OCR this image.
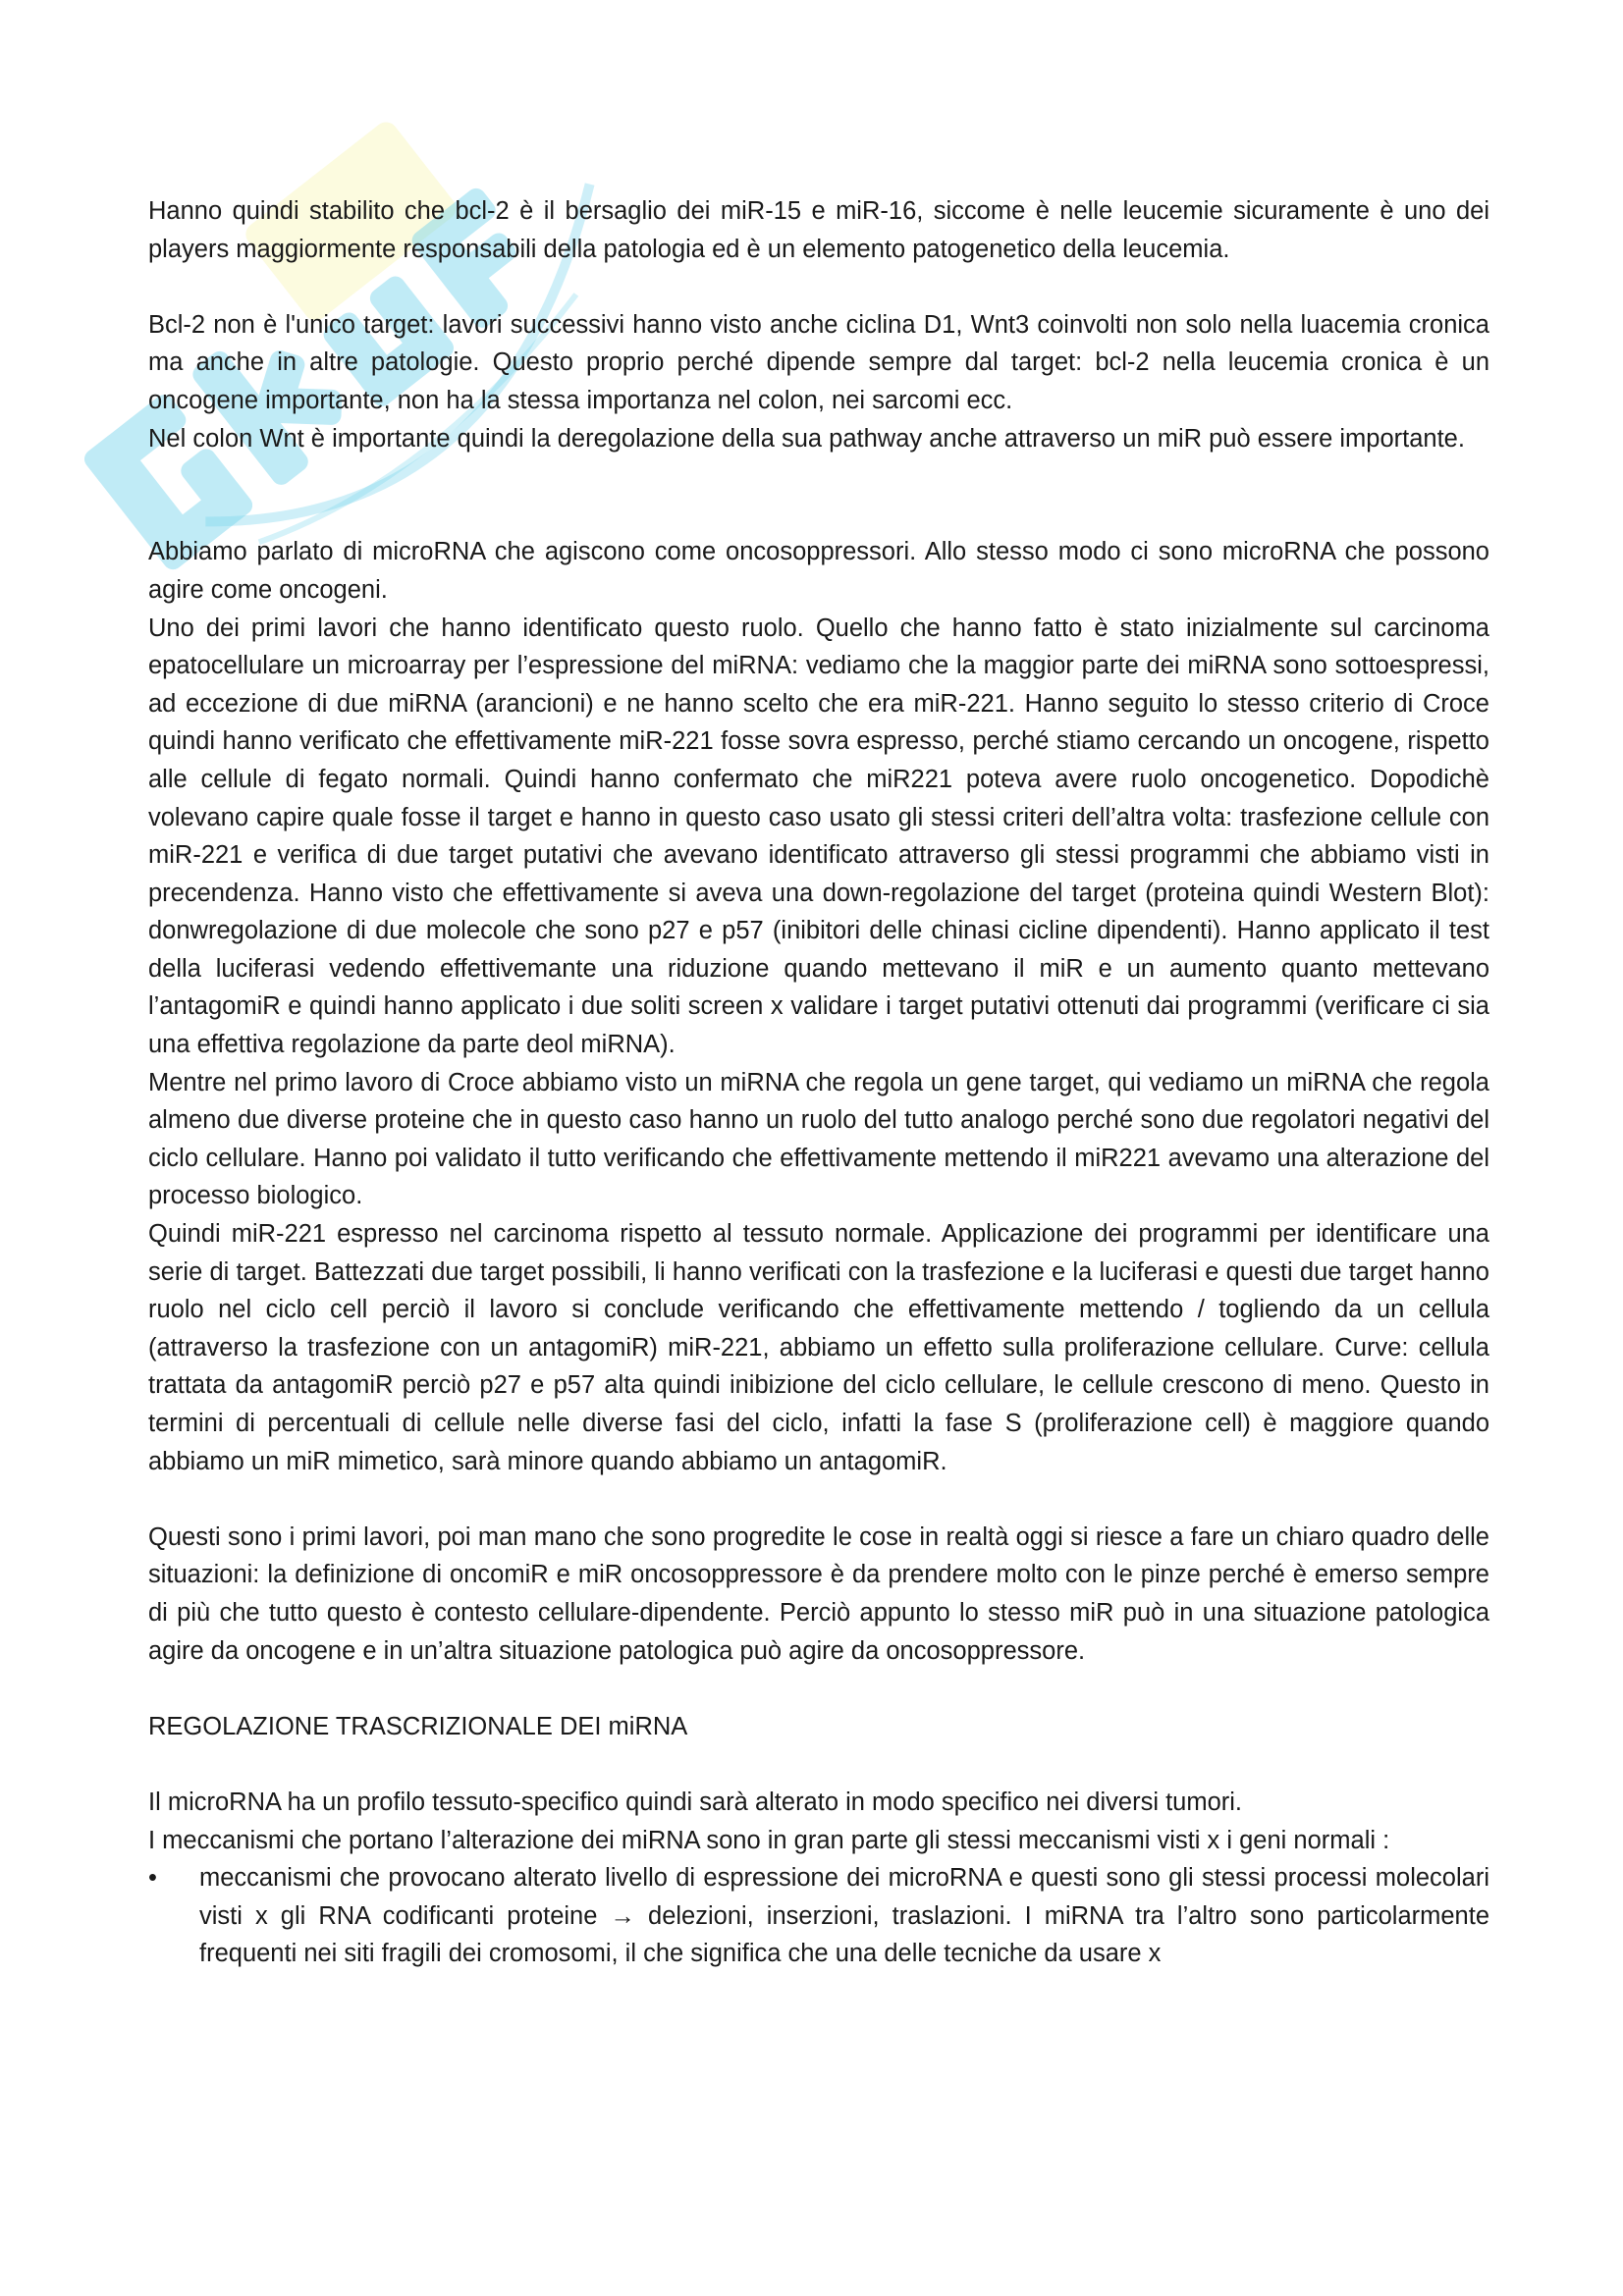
Hanno quindi stabilito che bcl-2 è il bersaglio dei miR-15 e miR-16, siccome è nelle leucemie sicuramente è uno dei players maggiormente responsabili della patologia ed è un elemento patogenetico della leucemia.

Bcl-2 non è l'unico target: lavori successivi hanno visto anche ciclina D1, Wnt3 coinvolti non solo nella luacemia cronica ma anche in altre patologie. Questo proprio perché dipende sempre dal target: bcl-2 nella leucemia cronica è un oncogene importante, non ha la stessa importanza nel colon, nei sarcomi ecc.

Nel colon Wnt è importante quindi la deregolazione della sua pathway anche attraverso un miR può essere importante.

Abbiamo parlato di microRNA che agiscono come oncosoppressori. Allo stesso modo ci sono microRNA che possono agire come oncogeni.

Uno dei primi lavori che hanno identificato questo ruolo. Quello che hanno fatto è stato inizialmente sul carcinoma epatocellulare un microarray per l’espressione del miRNA: vediamo che la maggior parte dei miRNA sono sottoespressi, ad eccezione di due miRNA (arancioni) e ne hanno scelto che era miR-221. Hanno seguito lo stesso criterio di Croce quindi hanno verificato che effettivamente miR-221 fosse sovra espresso, perché stiamo cercando un oncogene, rispetto alle cellule di fegato normali. Quindi hanno confermato che miR221 poteva avere ruolo oncogenetico. Dopodichè volevano capire quale fosse il target e hanno in questo caso usato gli stessi criteri dell’altra volta: trasfezione cellule con miR-221 e verifica di due target putativi che avevano identificato attraverso gli stessi programmi che abbiamo visti in precendenza. Hanno visto che effettivamente si aveva una down-regolazione del target (proteina quindi Western Blot): donwregolazione di due molecole che sono p27 e p57 (inibitori delle chinasi cicline dipendenti). Hanno applicato il test della luciferasi vedendo effettivemante una riduzione quando mettevano il miR e un aumento quanto mettevano l’antagomiR e quindi hanno applicato i due soliti screen x validare i target putativi ottenuti dai programmi (verificare ci sia una effettiva regolazione da parte deol miRNA).

Mentre nel primo lavoro di Croce abbiamo visto un miRNA che regola un gene target, qui vediamo un miRNA che regola almeno due diverse proteine che in questo caso hanno un ruolo del tutto analogo perché sono due regolatori negativi del ciclo cellulare. Hanno poi validato il tutto verificando che effettivamente mettendo il miR221 avevamo una alterazione del processo biologico.

Quindi miR-221 espresso nel carcinoma rispetto al tessuto normale. Applicazione dei programmi per identificare una serie di target. Battezzati due target possibili, li hanno verificati con la trasfezione e la luciferasi e questi due target hanno ruolo nel ciclo cell perciò il lavoro si conclude verificando che effettivamente mettendo / togliendo da un cellula (attraverso la trasfezione con un antagomiR) miR-221, abbiamo un effetto sulla proliferazione cellulare. Curve: cellula trattata da antagomiR perciò p27 e p57 alta quindi inibizione del ciclo cellulare, le cellule crescono di meno. Questo in termini di percentuali di cellule nelle diverse fasi del ciclo, infatti la fase S (proliferazione cell) è maggiore quando abbiamo un miR mimetico, sarà minore quando abbiamo un antagomiR.

Questi sono i primi lavori, poi man mano che sono progredite le cose in realtà oggi si riesce a fare un chiaro quadro delle situazioni: la definizione di oncomiR e miR oncosoppressore è da prendere molto con le pinze perché è emerso sempre di più che tutto questo è contesto cellulare-dipendente. Perciò appunto lo stesso miR può in una situazione patologica agire da oncogene e in un’altra situazione patologica può agire da oncosoppressore.

REGOLAZIONE TRASCRIZIONALE DEI miRNA

Il microRNA ha un profilo tessuto-specifico quindi sarà alterato in modo specifico nei diversi tumori.

I meccanismi che portano l’alterazione dei miRNA sono in gran parte gli stessi meccanismi visti x i geni normali :

• meccanismi che provocano alterato livello di espressione dei microRNA e questi sono gli stessi processi molecolari visti x gli RNA codificanti proteine → delezioni, inserzioni, traslazioni. I miRNA tra l’altro sono particolarmente frequenti nei siti fragili dei cromosomi, il che significa che una delle tecniche da usare x
